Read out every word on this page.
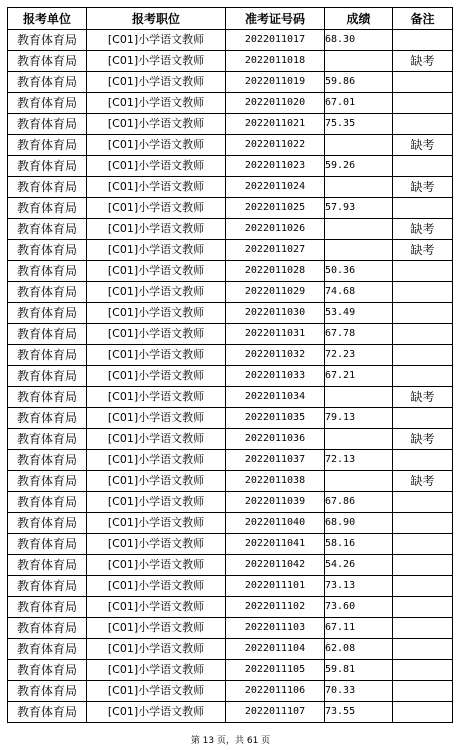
报考单位	报考职位	准考证号码	成绩	备注
教育体育局	[C01]小学语文教师	2022011017	68.30	
教育体育局	[C01]小学语文教师	2022011018		缺考
教育体育局	[C01]小学语文教师	2022011019	59.86	
教育体育局	[C01]小学语文教师	2022011020	67.01	
教育体育局	[C01]小学语文教师	2022011021	75.35	
教育体育局	[C01]小学语文教师	2022011022		缺考
教育体育局	[C01]小学语文教师	2022011023	59.26	
教育体育局	[C01]小学语文教师	2022011024		缺考
教育体育局	[C01]小学语文教师	2022011025	57.93	
教育体育局	[C01]小学语文教师	2022011026		缺考
教育体育局	[C01]小学语文教师	2022011027		缺考
教育体育局	[C01]小学语文教师	2022011028	50.36	
教育体育局	[C01]小学语文教师	2022011029	74.68	
教育体育局	[C01]小学语文教师	2022011030	53.49	
教育体育局	[C01]小学语文教师	2022011031	67.78	
教育体育局	[C01]小学语文教师	2022011032	72.23	
教育体育局	[C01]小学语文教师	2022011033	67.21	
教育体育局	[C01]小学语文教师	2022011034		缺考
教育体育局	[C01]小学语文教师	2022011035	79.13	
教育体育局	[C01]小学语文教师	2022011036		缺考
教育体育局	[C01]小学语文教师	2022011037	72.13	
教育体育局	[C01]小学语文教师	2022011038		缺考
教育体育局	[C01]小学语文教师	2022011039	67.86	
教育体育局	[C01]小学语文教师	2022011040	68.90	
教育体育局	[C01]小学语文教师	2022011041	58.16	
教育体育局	[C01]小学语文教师	2022011042	54.26	
教育体育局	[C01]小学语文教师	2022011101	73.13	
教育体育局	[C01]小学语文教师	2022011102	73.60	
教育体育局	[C01]小学语文教师	2022011103	67.11	
教育体育局	[C01]小学语文教师	2022011104	62.08	
教育体育局	[C01]小学语文教师	2022011105	59.81	
教育体育局	[C01]小学语文教师	2022011106	70.33	
教育体育局	[C01]小学语文教师	2022011107	73.55	
第 13 页，共 61 页
